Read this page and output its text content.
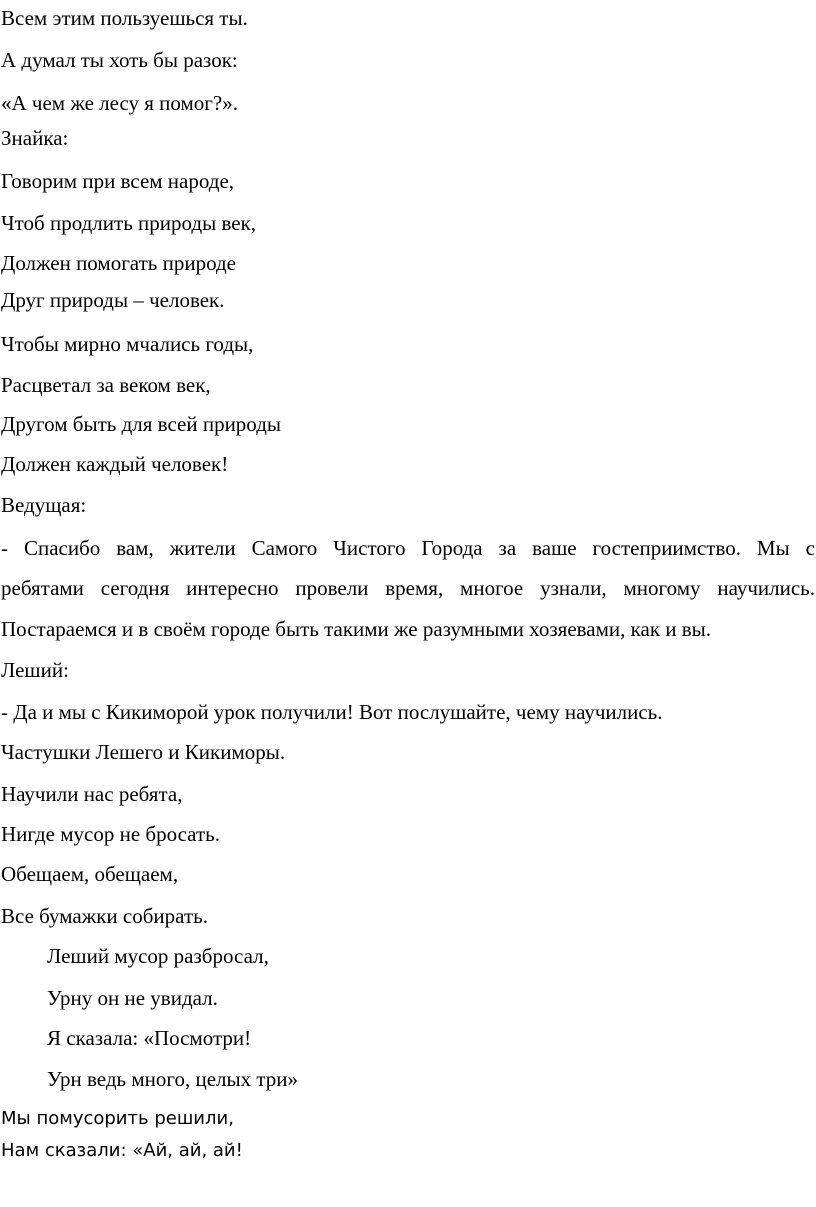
Всем этим пользуешься ты.
А думал ты хоть бы разок:
«А чем же лесу я помог?».
Знайка:
Говорим при всем народе,
Чтоб продлить природы век,
Должен помогать природе
Друг природы – человек.
Чтобы мирно мчались годы,
Расцветал за веком век,
Другом быть для всей природы
Должен каждый человек!
Ведущая:
- Спасибо вам, жители Самого Чистого Города за ваше гостеприимство. Мы с
ребятами сегодня интересно провели время, многое узнали, многому научились.
Постараемся и в своём городе быть такими же разумными хозяевами, как и вы.
Леший:
- Да и мы с Кикиморой урок получили! Вот послушайте, чему научились.
Частушки Лешего и Кикиморы.
Научили нас ребята,
Нигде мусор не бросать.
Обещаем, обещаем,
Все бумажки собирать.
Леший мусор разбросал,
Урну он не увидал.
Я сказала: «Посмотри!
Урн ведь много, целых три»
Мы помусорить решили,
Нам сказали: «Ай, ай, ай!
